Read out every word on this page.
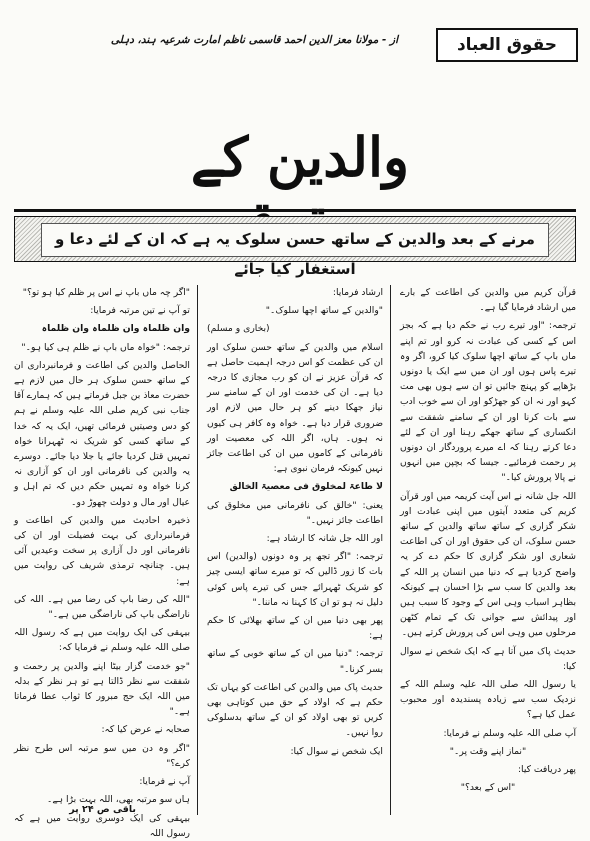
از - مولانا معز الدین احمد قاسمی ناظم امارت شرعیہ ہند، دہلی	حقوق العباد
والدین کے
مرنے کے بعد والدین کے ساتھ حسن سلوک یہ ہے کہ ان کے لئے دعا و استغفار کیا جائے

قرآن کریم میں والدین کی اطاعت کے بارے میں ارشاد فرمایا گیا ہے۔

ترجمہ: "اور تیرے رب نے حکم دیا ہے کہ بجز اس کے کسی کی عبادت نہ کرو اور تم اپنے ماں باپ کے ساتھ اچھا سلوک کیا کرو، اگر وہ تیرے پاس ہوں اور ان میں سے ایک یا دونوں بڑھاپے کو پہنچ جائیں تو ان سے ہوں بھی مت کہو اور نہ ان کو جھڑکو اور ان سے خوب ادب سے بات کرنا اور ان کے سامنے شفقت سے انکساری کے ساتھ جھکے رہنا اور ان کے لئے دعا کرتے رہنا کہ اے میرے پروردگار ان دونوں پر رحمت فرمائیے۔ جیسا کہ بچپن میں انہوں نے پالا پرورش کیا۔"

اللہ جل شانہ نے اس آیت کریمہ میں اور قرآن کریم کی متعدد آیتوں میں اپنی عبادت اور شکر گزاری کے ساتھ ساتھ والدین کے ساتھ حسن سلوک، ان کی حقوق اور ان کی اطاعت شعاری اور شکر گزاری کا حکم دے کر یہ واضح کردیا ہے کہ دنیا میں انسان پر اللہ کے بعد والدین کا سب سے بڑا احسان ہے کیونکہ بظاہر اسباب وہی اس کے وجود کا سبب ہیں اور پیدائش سے جوانی تک کے تمام کٹھن مرحلوں میں وہی اس کی پرورش کرتے ہیں۔

حدیث پاک میں آتا ہے کہ ایک شخص نے سوال کیا:

یا رسول اللہ صلی اللہ علیہ وسلم اللہ کے نزدیک سب سے زیادہ پسندیدہ اور محبوب عمل کیا ہے؟

آپ صلی اللہ علیہ وسلم نے فرمایا:

"نماز اپنے وقت پر۔"

پھر دریافت کیا:

"اس کے بعد؟"

ارشاد فرمایا:

"والدین کے ساتھ اچھا سلوک۔"

(بخاری و مسلم)

اسلام میں والدین کے ساتھ حسن سلوک اور ان کی عظمت کو اس درجہ اہمیت حاصل ہے کہ قرآن عزیز نے ان کو رب مجازی کا درجہ دیا ہے۔ ان کی خدمت اور ان کے سامنے سر نیاز جھکا دینے کو ہر حال میں لازم اور ضروری قرار دیا ہے۔ خواہ وہ کافر ہی کیوں نہ ہوں۔ ہاں، اگر اللہ کی معصیت اور نافرمانی کے کاموں میں ان کی اطاعت جائز نہیں کیونکہ فرمان نبوی ہے:

لا طاعۃ لمخلوق فی معصیۃ الخالق

یعنی: "خالق کی نافرمانی میں مخلوق کی اطاعت جائز نہیں۔"

اور اللہ جل شانہ کا ارشاد ہے:

ترجمہ: "اگر تجھ پر وہ دونوں (والدین) اس بات کا زور ڈالیں کہ تو میرے ساتھ ایسی چیز کو شریک ٹھہرائے جس کی تیرے پاس کوئی دلیل نہ ہو تو ان کا کہنا نہ ماننا۔"

پھر بھی دنیا میں ان کے ساتھ بھلائی کا حکم ہے:

ترجمہ: "دنیا میں ان کے ساتھ خوبی کے ساتھ بسر کرنا۔"

حدیث پاک میں والدین کی اطاعت کو یہاں تک حکم ہے کہ اولاد کے حق میں کوتاہی بھی کریں تو بھی اولاد کو ان کے ساتھ بدسلوکی روا نہیں۔

ایک شخص نے سوال کیا:

"اگر چہ ماں باپ نے اس پر ظلم کیا ہو تو؟"

تو آپ نے تین مرتبہ فرمایا:

وان ظلماہ وان ظلماہ وان ظلماہ

ترجمہ: "خواہ ماں باپ نے ظلم ہی کیا ہو۔"

الحاصل والدین کی اطاعت و فرمانبرداری ان کے ساتھ حسن سلوک ہر حال میں لازم ہے حضرت معاذ بن جبل فرماتے ہیں کہ ہمارے آقا جناب نبی کریم صلی اللہ علیہ وسلم نے ہم کو دس وصیتیں فرمائی تھیں، ایک یہ کہ خدا کے ساتھ کسی کو شریک نہ ٹھہرانا خواہ تمہیں قتل کردیا جائے یا جلا دیا جائے۔ دوسرے یہ والدین کی نافرمانی اور ان کو آزاری نہ کرنا خواہ وہ تمہیں حکم دیں کہ تم اہل و عیال اور مال و دولت چھوڑ دو۔

ذخیرہ احادیث میں والدین کی اطاعت و فرمانبرداری کی بہت فضیلت اور ان کی نافرمانی اور دل آزاری پر سخت وعیدیں آئی ہیں۔ چنانچہ ترمذی شریف کی روایت میں ہے:

"اللہ کی رضا باپ کی رضا میں ہے۔ اللہ کی ناراضگی باپ کی ناراضگی میں ہے۔"

بیہقی کی ایک روایت میں ہے کہ رسول اللہ صلی اللہ علیہ وسلم نے فرمایا کہ:

"جو خدمت گزار بیٹا اپنے والدین پر رحمت و شفقت سے نظر ڈالتا ہے تو ہر نظر کے بدلہ میں اللہ ایک حج مبرور کا ثواب عطا فرماتا ہے۔"

صحابہ نے عرض کیا کہ:

"اگر وہ دن میں سو مرتبہ اس طرح نظر کرے؟"

آپ نے فرمایا:

ہاں سو مرتبہ بھی، اللہ بہت بڑا ہے۔

بیہقی کی ایک دوسری روایت میں ہے کہ رسول اللہ

باقی ص ۲۴ پر
